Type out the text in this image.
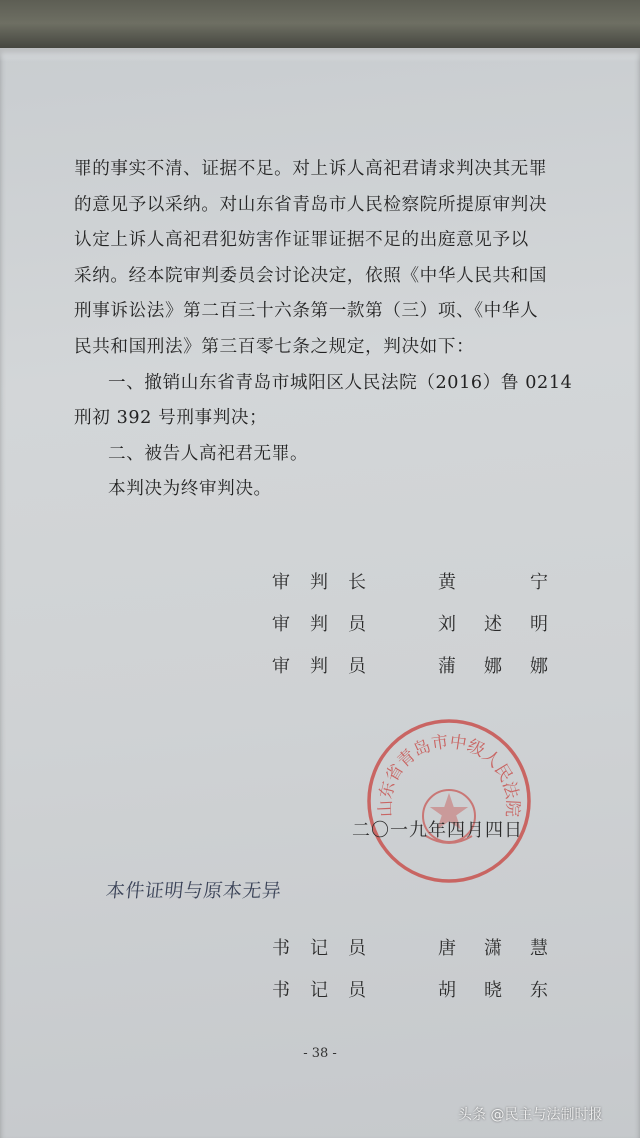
罪的事实不清、证据不足。对上诉人高祀君请求判决其无罪

的意见予以采纳。对山东省青岛市人民检察院所提原审判决

认定上诉人高祀君犯妨害作证罪证据不足的出庭意见予以

采纳。经本院审判委员会讨论决定，依照《中华人民共和国

刑事诉讼法》第二百三十六条第一款第（三）项、《中华人

民共和国刑法》第三百零七条之规定，判决如下：

一、撤销山东省青岛市城阳区人民法院（2016）鲁 0214

刑初 392 号刑事判决；

二、被告人高祀君无罪。

本判决为终审判决。

审判长	黄	宁
审判员	刘 述 明
审判员	蒲 娜 娜
山东省青岛市中级人民法院
二〇一九年四月四日
本件证明与原本无异
书记员	唐 潇 慧
书记员	胡 晓 东
- 38 -
头条 @民主与法制时报
